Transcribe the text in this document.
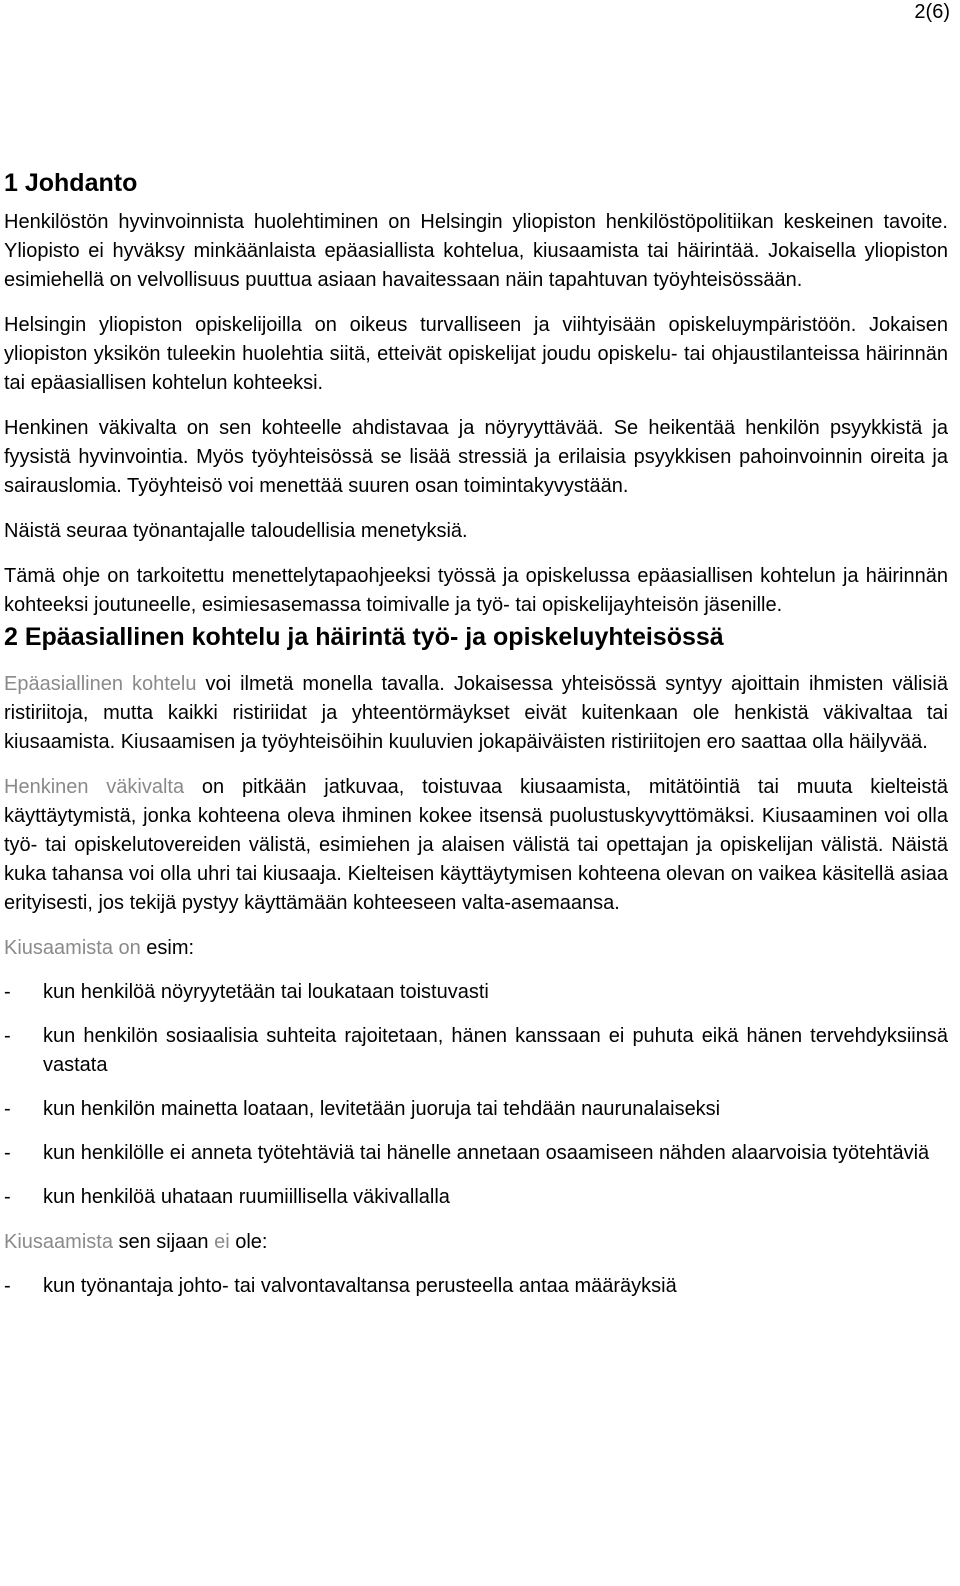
2(6)
1 Johdanto

Henkilöstön hyvinvoinnista huolehtiminen on Helsingin yliopiston henkilöstöpolitiikan keskeinen tavoite. Yliopisto ei hyväksy minkäänlaista epäasiallista kohtelua, kiusaamista tai häirintää. Jokaisella yliopiston esimiehellä on velvollisuus puuttua asiaan havaitessaan näin tapahtuvan työyhteisössään.

Helsingin yliopiston opiskelijoilla on oikeus turvalliseen ja viihtyisään opiskeluympäristöön. Jokaisen yliopiston yksikön tuleekin huolehtia siitä, etteivät opiskelijat joudu opiskelu- tai ohjaustilanteissa häirinnän tai epäasiallisen kohtelun kohteeksi.

Henkinen väkivalta on sen kohteelle ahdistavaa ja nöyryyttävää. Se heikentää henkilön psyykkistä ja fyysistä hyvinvointia. Myös työyhteisössä se lisää stressiä ja erilaisia psyykkisen pahoinvoinnin oireita ja sairauslomia. Työyhteisö voi menettää suuren osan toimintakyvystään.

Näistä seuraa työnantajalle taloudellisia menetyksiä.

Tämä ohje on tarkoitettu menettelytapaohjeeksi työssä ja opiskelussa epäasiallisen kohtelun ja häirinnän kohteeksi joutuneelle, esimiesasemassa toimivalle ja työ- tai opiskelijayhteisön jäsenille.

2 Epäasiallinen kohtelu ja häirintä työ- ja opiskeluyhteisössä

Epäasiallinen kohtelu voi ilmetä monella tavalla. Jokaisessa yhteisössä syntyy ajoittain ihmisten välisiä ristiriitoja, mutta kaikki ristiriidat ja yhteentörmäykset eivät kuitenkaan ole henkistä väkivaltaa tai kiusaamista. Kiusaamisen ja työyhteisöihin kuuluvien jokapäiväisten ristiriitojen ero saattaa olla häilyvää.

Henkinen väkivalta on pitkään jatkuvaa, toistuvaa kiusaamista, mitätöintiä tai muuta kielteistä käyttäytymistä, jonka kohteena oleva ihminen kokee itsensä puolustuskyvyttömäksi. Kiusaaminen voi olla työ- tai opiskelutovereiden välistä, esimiehen ja alaisen välistä tai opettajan ja opiskelijan välistä. Näistä kuka tahansa voi olla uhri tai kiusaaja. Kielteisen käyttäytymisen kohteena olevan on vaikea käsitellä asiaa erityisesti, jos tekijä pystyy käyttämään kohteeseen valta-asemaansa.

Kiusaamista on esim:

- kun henkilöä nöyryytetään tai loukataan toistuvasti

- kun henkilön sosiaalisia suhteita rajoitetaan, hänen kanssaan ei puhuta eikä hänen tervehdyksiinsä vastata

- kun henkilön mainetta loataan, levitetään juoruja tai tehdään naurunalaiseksi

- kun henkilölle ei anneta työtehtäviä tai hänelle annetaan osaamiseen nähden alaarvoisia työtehtäviä

- kun henkilöä uhataan ruumiillisella väkivallalla

Kiusaamista sen sijaan ei ole:

- kun työnantaja johto- tai valvontavaltansa perusteella antaa määräyksiä
